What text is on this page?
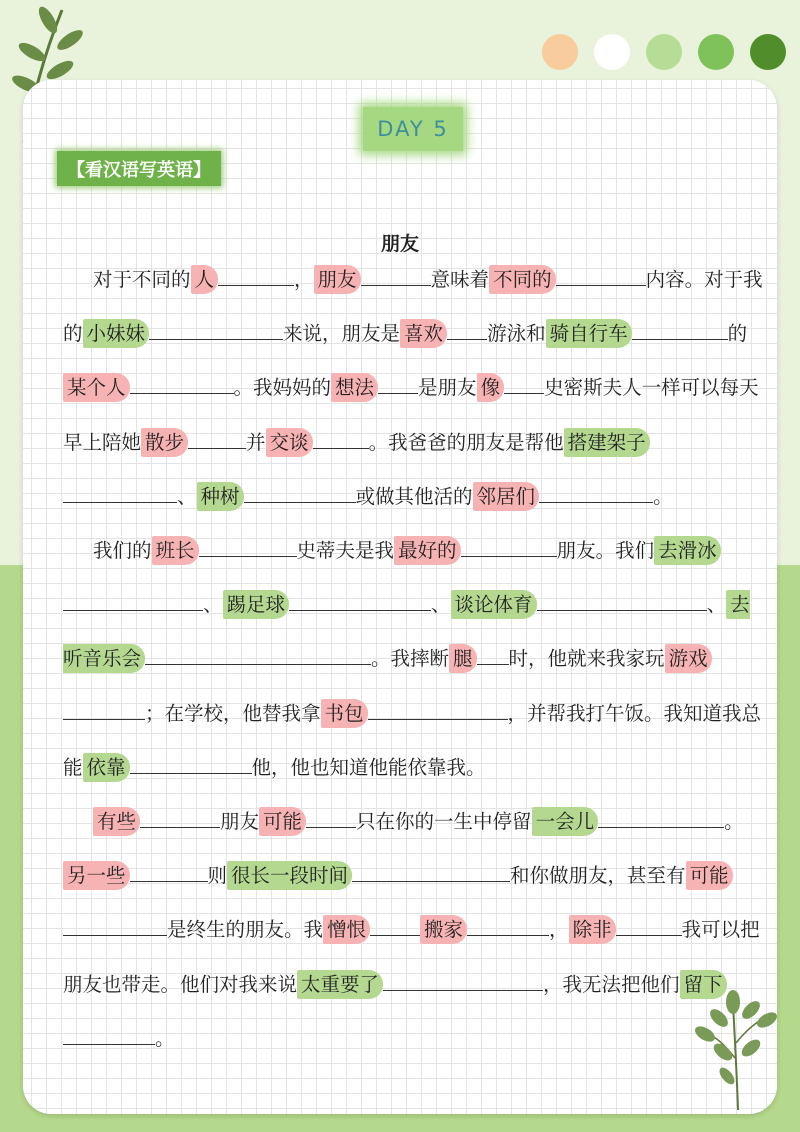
DAY 5
【看汉语写英语】
朋友

对于不同的 人	， 朋友	意味着 不同的	内容。对于我的 小妹妹	来说，朋友是 喜欢 游泳和 骑自行车	的某个人	。我妈妈的 想法 是朋友 像 史密斯夫人一样可以每天早上陪她 散步	并 交谈	。我爸爸的朋友是帮他 搭建架子、 种树	或做其他活的 邻居们	。

我们的 班长	史蒂夫是我 最好的	朋友。我们 去滑冰、 踢足球	、 谈论体育	、 去听音乐会	。我摔断 腿 时，他就来我家玩 游戏；在学校，他替我拿 书包	，并帮我打午饭。我知道我总能 依靠	他，他也知道他能依靠我。

有些	朋友 可能	只在你的一生中停留 一会儿	。另一些	则 很长一段时间	和你做朋友，甚至有 可能是终生的朋友。我 憎恨	搬家	， 除非	我可以把朋友也带走。他们对我来说 太重要了	，我无法把他们 留下。
